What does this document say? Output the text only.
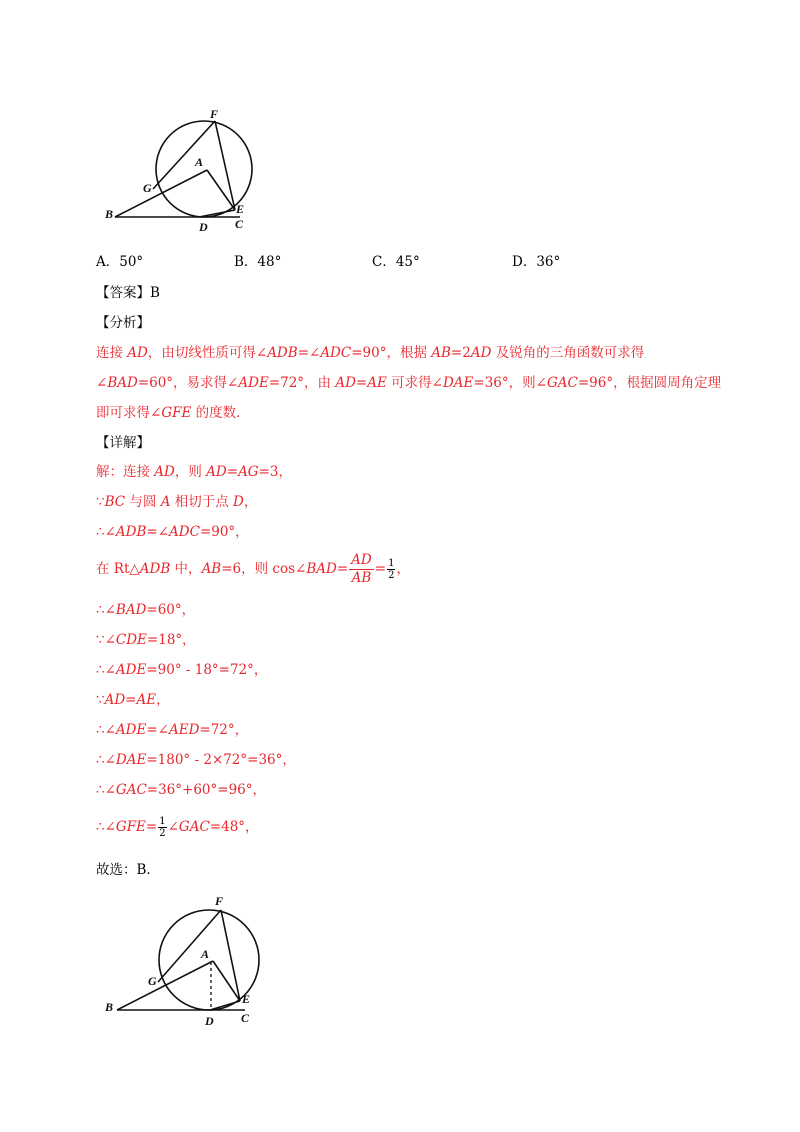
F
A
G
B
D
E
C
A．50°	B．48°	C．45°	D．36°
【答案】B
【分析】
连接 AD，由切线性质可得∠ADB=∠ADC=90°，根据 AB=2AD 及锐角的三角函数可求得
∠BAD=60°，易求得∠ADE=72°，由 AD=AE 可求得∠DAE=36°，则∠GAC=96°，根据圆周角定理
即可求得∠GFE 的度数．
【详解】
解：连接 AD，则 AD=AG=3，
∵BC 与圆 A 相切于点 D，
∴∠ADB=∠ADC=90°，
在 Rt△ADB 中，AB=6，则 cos∠BAD= $\frac{AD}{AB} = \frac{1}{2}$ ，
∴∠BAD=60°，
∵∠CDE=18°，
∴∠ADE=90° - 18°=72°，
∵AD=AE，
∴∠ADE=∠AED=72°，
∴∠DAE=180° - 2×72°=36°，
∴∠GAC=36°+60°=96°，
∴∠GFE= $\frac{1}{2}$ ∠GAC=48°，
故选：B．
F
A
G
B
D
E
C
